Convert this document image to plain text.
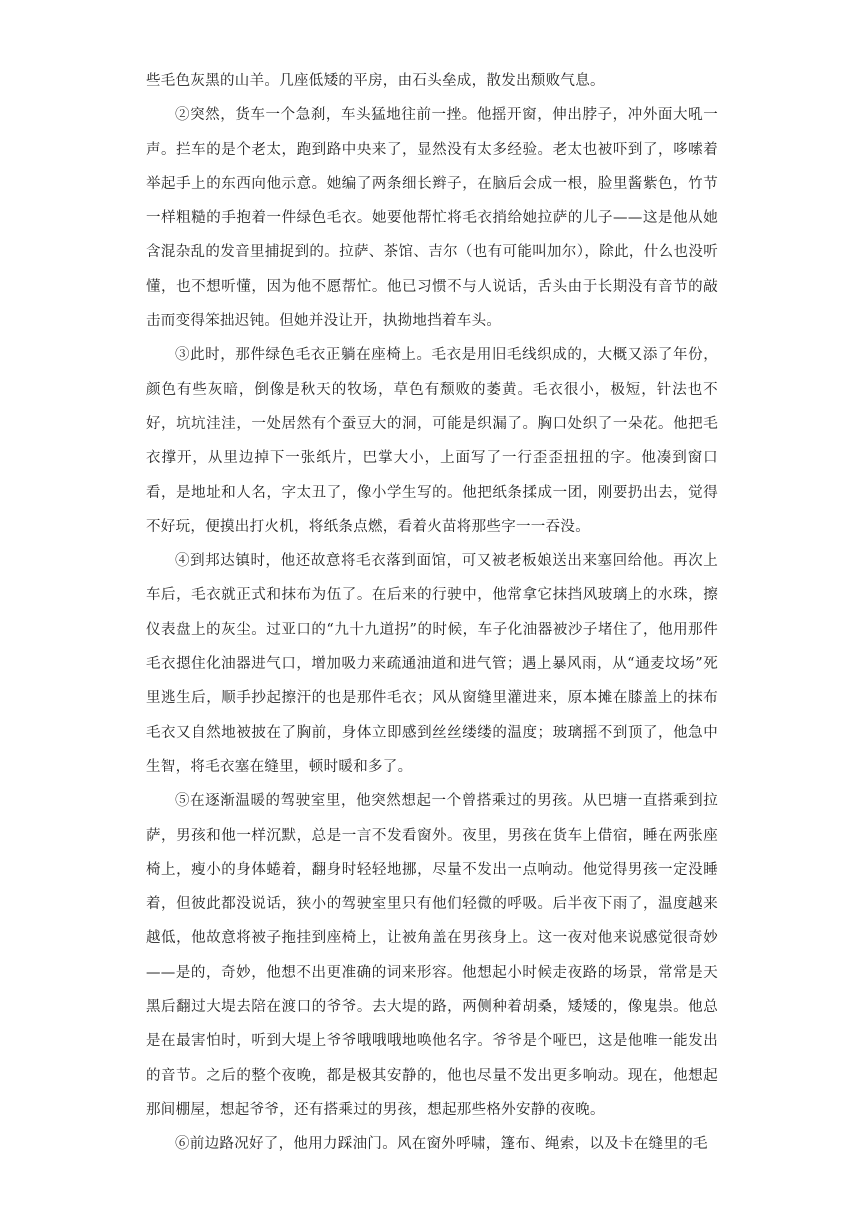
些毛色灰黑的山羊。几座低矮的平房，由石头垒成，散发出颓败气息。

②突然，货车一个急刹，车头猛地往前一挫。他摇开窗，伸出脖子，冲外面大吼一声。拦车的是个老太，跑到路中央来了，显然没有太多经验。老太也被吓到了，哆嗦着举起手上的东西向他示意。她编了两条细长辫子，在脑后会成一根，脸里酱紫色，竹节一样粗糙的手抱着一件绿色毛衣。她要他帮忙将毛衣捎给她拉萨的儿子——这是他从她含混杂乱的发音里捕捉到的。拉萨、茶馆、吉尔（也有可能叫加尔），除此，什么也没听懂，也不想听懂，因为他不愿帮忙。他已习惯不与人说话，舌头由于长期没有音节的敲击而变得笨拙迟钝。但她并没让开，执拗地挡着车头。

③此时，那件绿色毛衣正躺在座椅上。毛衣是用旧毛线织成的，大概又添了年份，颜色有些灰暗，倒像是秋天的牧场，草色有颓败的萎黄。毛衣很小，极短，针法也不好，坑坑洼洼，一处居然有个蚕豆大的洞，可能是织漏了。胸口处织了一朵花。他把毛衣撑开，从里边掉下一张纸片，巴掌大小，上面写了一行歪歪扭扭的字。他凑到窗口看，是地址和人名，字太丑了，像小学生写的。他把纸条揉成一团，刚要扔出去，觉得不好玩，便摸出打火机，将纸条点燃，看着火苗将那些字一一吞没。

④到邦达镇时，他还故意将毛衣落到面馆，可又被老板娘送出来塞回给他。再次上车后，毛衣就正式和抹布为伍了。在后来的行驶中，他常拿它抹挡风玻璃上的水珠，擦仪表盘上的灰尘。过亚口的“九十九道拐”的时候，车子化油器被沙子堵住了，他用那件毛衣摁住化油器进气口，增加吸力来疏通油道和进气管；遇上暴风雨，从“通麦坟场”死里逃生后，顺手抄起擦汗的也是那件毛衣；风从窗缝里灌进来，原本摊在膝盖上的抹布毛衣又自然地被披在了胸前，身体立即感到丝丝缕缕的温度；玻璃摇不到顶了，他急中生智，将毛衣塞在缝里，顿时暖和多了。

⑤在逐渐温暖的驾驶室里，他突然想起一个曾搭乘过的男孩。从巴塘一直搭乘到拉萨，男孩和他一样沉默，总是一言不发看窗外。夜里，男孩在货车上借宿，睡在两张座椅上，瘦小的身体蜷着，翻身时轻轻地挪，尽量不发出一点响动。他觉得男孩一定没睡着，但彼此都没说话，狭小的驾驶室里只有他们轻微的呼吸。后半夜下雨了，温度越来越低，他故意将被子拖挂到座椅上，让被角盖在男孩身上。这一夜对他来说感觉很奇妙——是的，奇妙，他想不出更准确的词来形容。他想起小时候走夜路的场景，常常是天黑后翻过大堤去陪在渡口的爷爷。去大堤的路，两侧种着胡桑，矮矮的，像鬼祟。他总是在最害怕时，听到大堤上爷爷哦哦哦地唤他名字。爷爷是个哑巴，这是他唯一能发出的音节。之后的整个夜晚，都是极其安静的，他也尽量不发出更多响动。现在，他想起那间棚屋，想起爷爷，还有搭乘过的男孩，想起那些格外安静的夜晚。

⑥前边路况好了，他用力踩油门。风在窗外呼啸，篷布、绳索，以及卡在缝里的毛
